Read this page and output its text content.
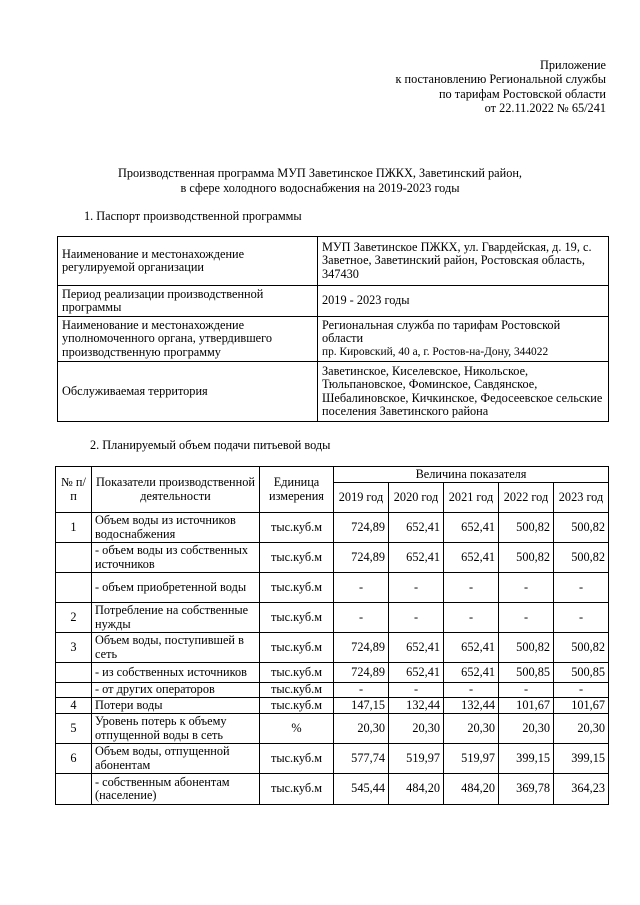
Приложение
к постановлению Региональной службы
по тарифам Ростовской области
от 22.11.2022 № 65/241
Производственная программа МУП Заветинское ПЖКХ, Заветинский район,
в сфере холодного водоснабжения на 2019-2023 годы
1. Паспорт производственной программы
Наименование и местонахождение регулируемой организации	МУП Заветинское ПЖКХ, ул. Гвардейская, д. 19, с. Заветное, Заветинский район, Ростовская область, 347430
Период реализации производственной программы	2019 - 2023 годы
Наименование и местонахождение уполномоченного органа, утвердившего производственную программу	Региональная служба по тарифам Ростовской области
пр. Кировский, 40 а, г. Ростов-на-Дону, 344022

Обслуживаемая территория	Заветинское, Киселевское, Никольское, Тюльпановское, Фоминское, Савдянское, Шебалиновское, Кичкинское, Федосеевское сельские поселения Заветинского района
2. Планируемый объем подачи питьевой воды
№ п/п	Показатели производственной деятельности	Единица измерения	Величина показателя				
			2019 год	2020 год	2021 год	2022 год	2023 год
1	Объем воды из источников водоснабжения	тыс.куб.м	724,89	652,41	652,41	500,82	500,82
	- объем воды из собственных источников	тыс.куб.м	724,89	652,41	652,41	500,82	500,82
	- объем приобретенной воды	тыс.куб.м	-	-	-	-	-
2	Потребление на собственные нужды	тыс.куб.м	-	-	-	-	-
3	Объем воды, поступившей в сеть	тыс.куб.м	724,89	652,41	652,41	500,82	500,82
	- из собственных источников	тыс.куб.м	724,89	652,41	652,41	500,85	500,85
	- от других операторов	тыс.куб.м	-	-	-	-	-
4	Потери воды	тыс.куб.м	147,15	132,44	132,44	101,67	101,67
5	Уровень потерь к объему отпущенной воды в сеть	%	20,30	20,30	20,30	20,30	20,30
6	Объем воды, отпущенной абонентам	тыс.куб.м	577,74	519,97	519,97	399,15	399,15
	- собственным абонентам (население)	тыс.куб.м	545,44	484,20	484,20	369,78	364,23
